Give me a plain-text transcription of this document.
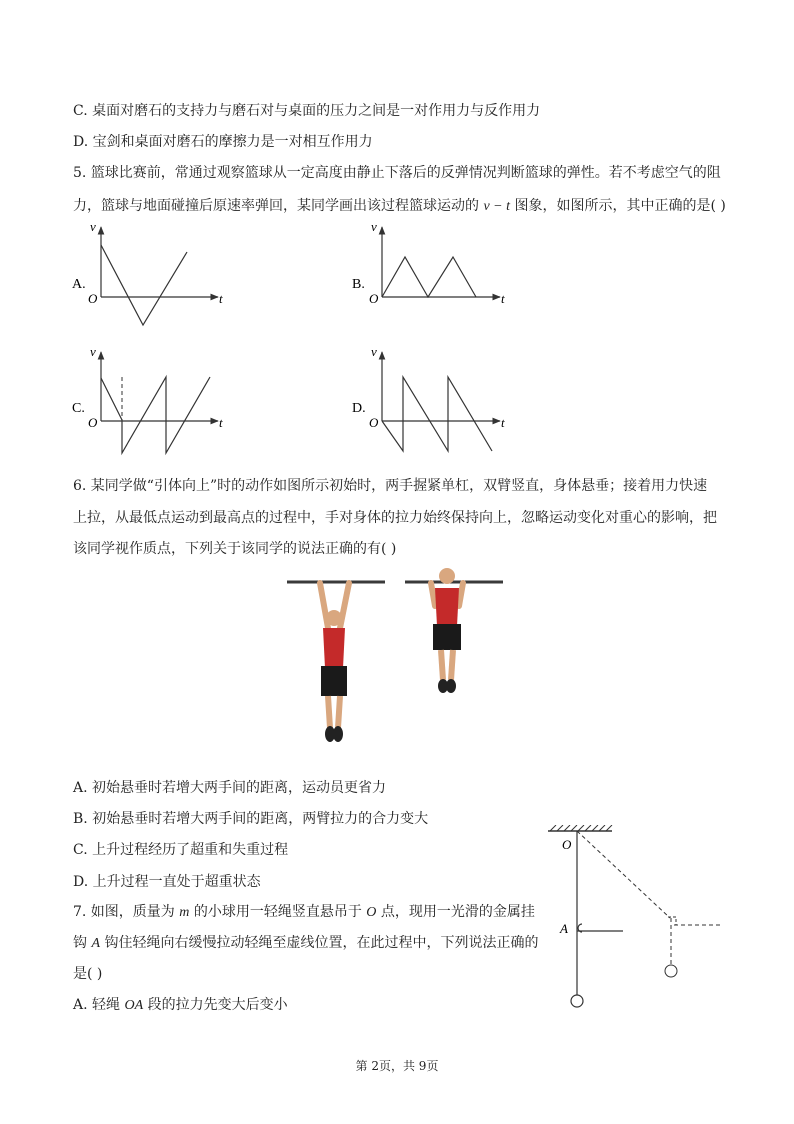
C. 桌面对磨石的支持力与磨石对与桌面的压力之间是一对作用力与反作用力
D. 宝剑和桌面对磨石的摩擦力是一对相互作用力
5. 篮球比赛前，常通过观察篮球从一定高度由静止下落后的反弹情况判断篮球的弹性。若不考虑空气的阻
力，篮球与地面碰撞后原速率弹回，某同学画出该过程篮球运动的 v − t 图象，如图所示，其中正确的是( )
A.
v
t
O
B.
v
t
O
C.
v
t
O
D.
v
t
O
6. 某同学做“引体向上”时的动作如图所示初始时，两手握紧单杠，双臂竖直，身体悬垂；接着用力快速
上拉，从最低点运动到最高点的过程中，手对身体的拉力始终保持向上，忽略运动变化对重心的影响，把
该同学视作质点，下列关于该同学的说法正确的有( )
A. 初始悬垂时若增大两手间的距离，运动员更省力
B. 初始悬垂时若增大两手间的距离，两臂拉力的合力变大
C. 上升过程经历了超重和失重过程
D. 上升过程一直处于超重状态
7. 如图，质量为 m 的小球用一轻绳竖直悬吊于 O 点，现用一光滑的金属挂
钩 A 钩住轻绳向右缓慢拉动轻绳至虚线位置，在此过程中，下列说法正确的
是( )
A. 轻绳 OA 段的拉力先变大后变小
O
A
第 2页，共 9页
